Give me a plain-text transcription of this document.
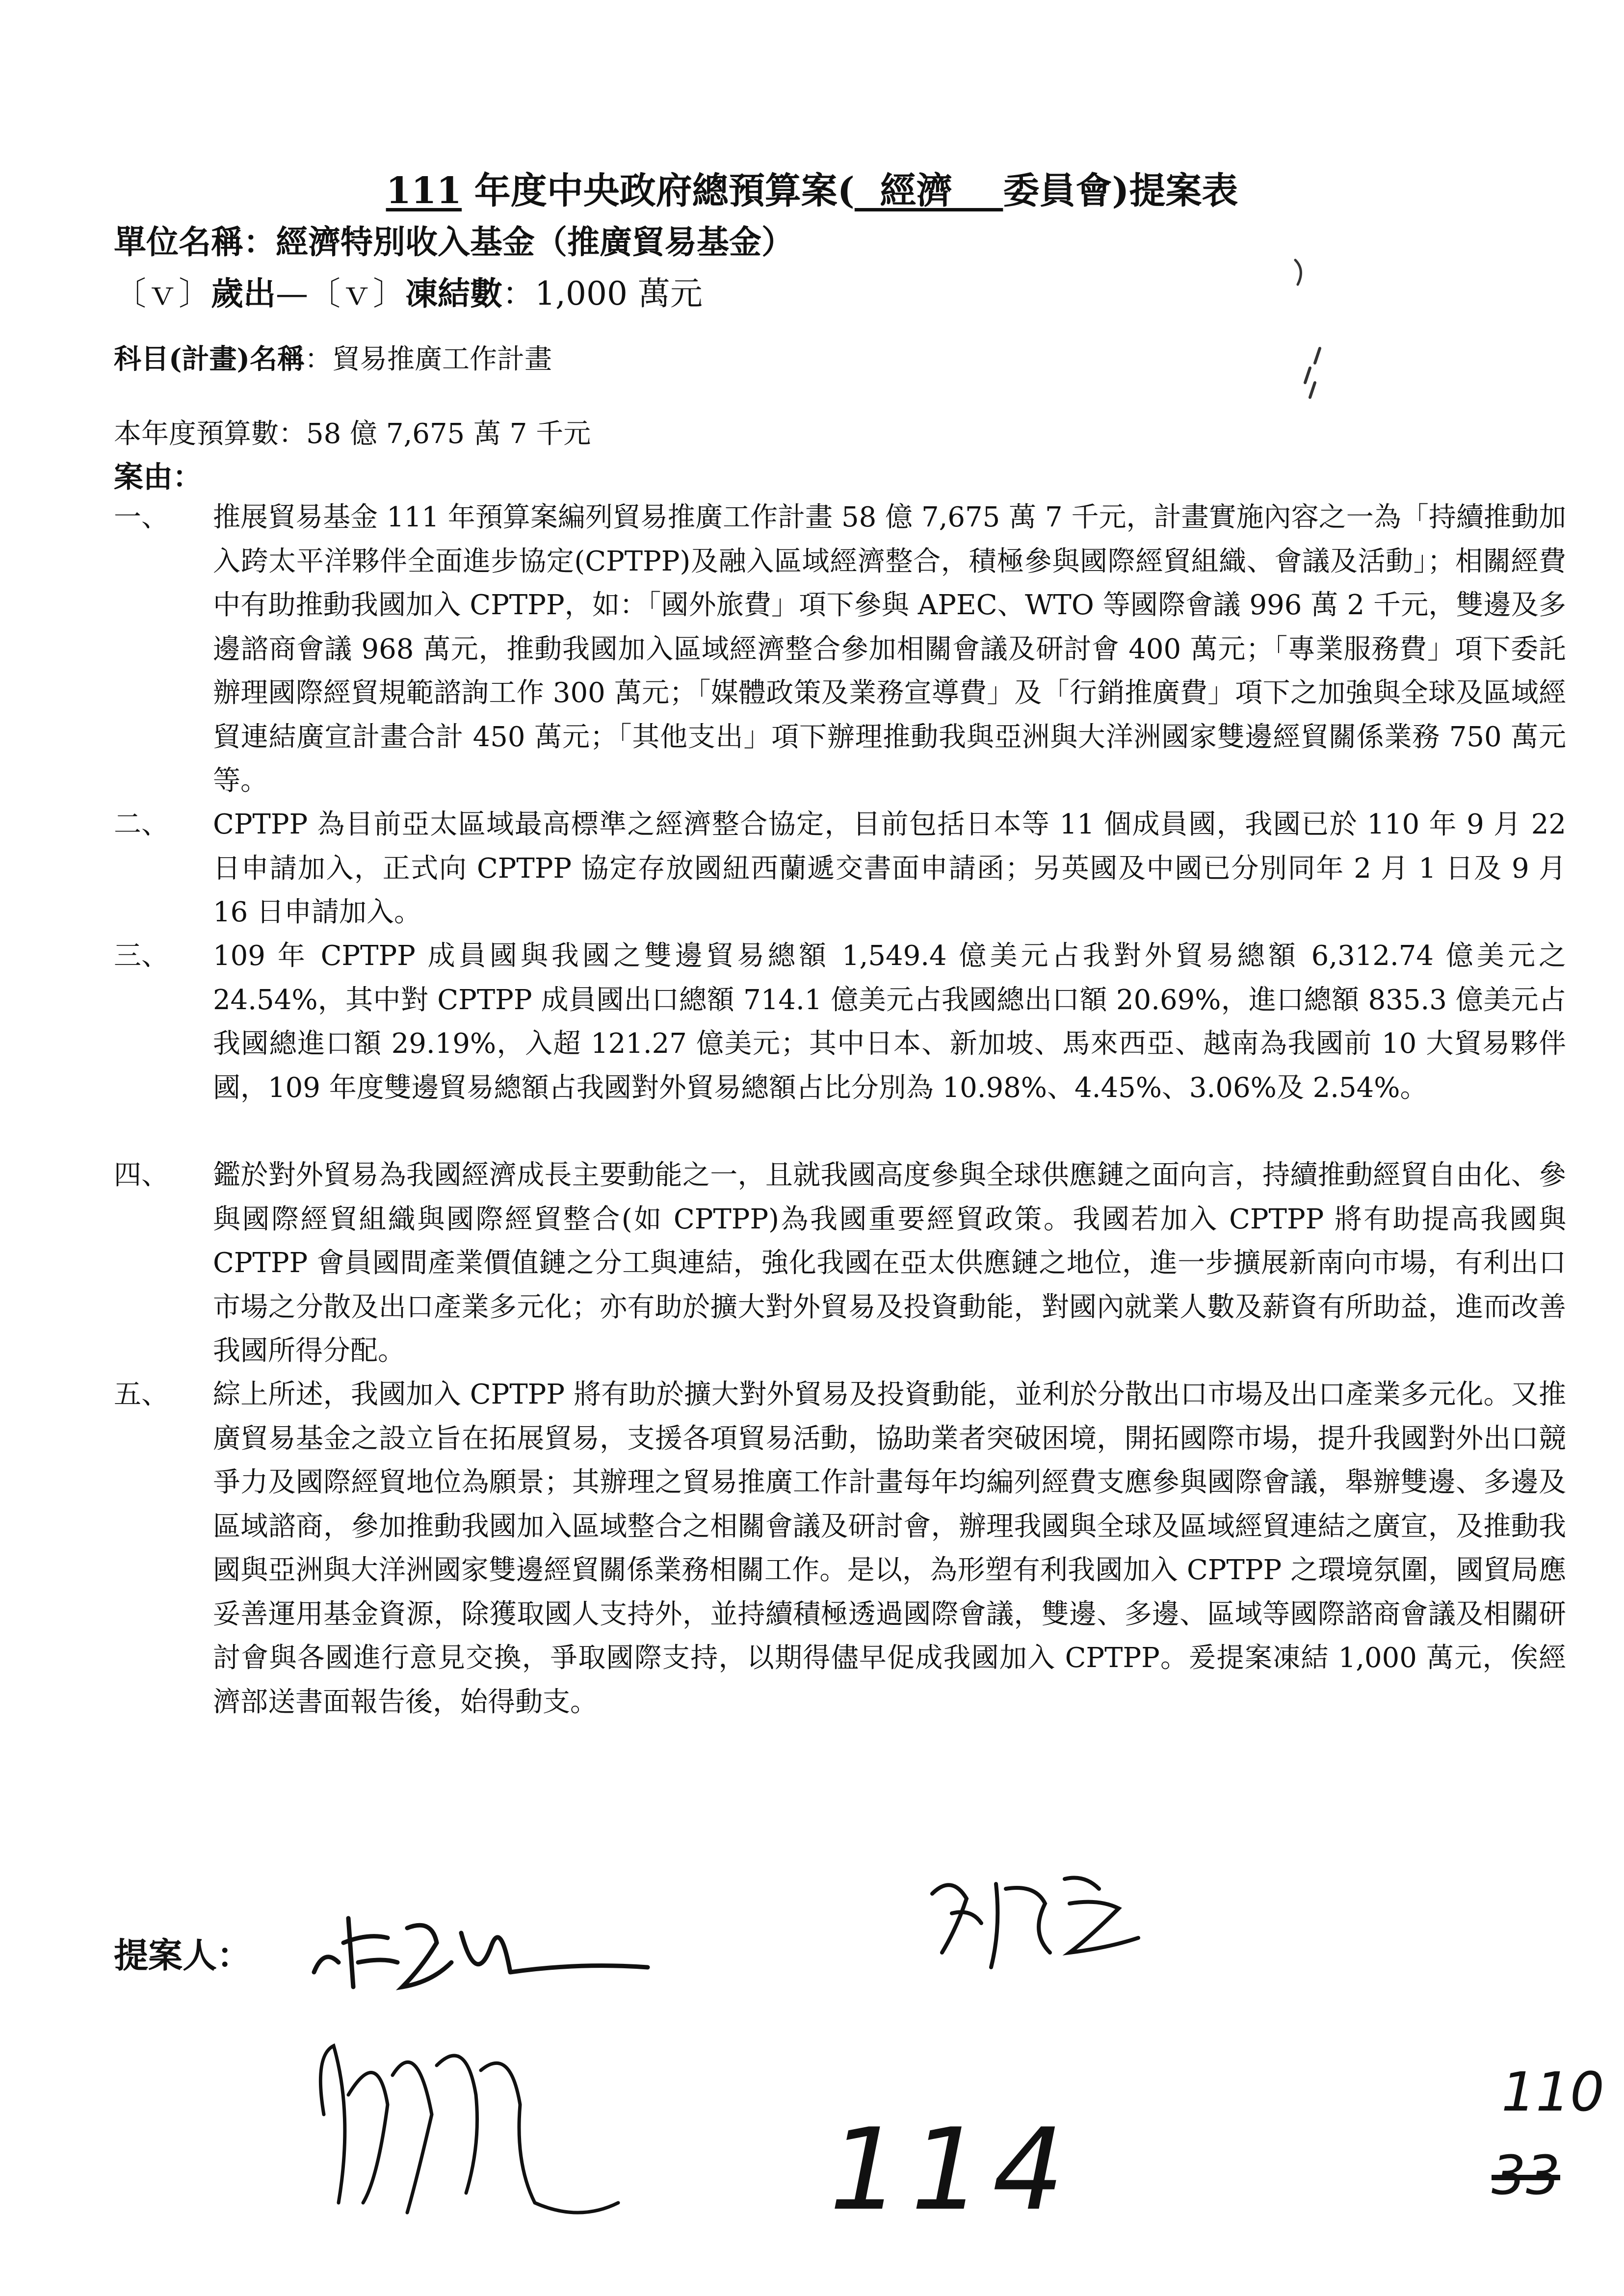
111 年度中央政府總預算案(  經濟    委員會)提案表
單位名稱：經濟特別收入基金（推廣貿易基金）
〔ｖ〕歲出—〔ｖ〕凍結數：1,000 萬元
科目(計畫)名稱：貿易推廣工作計畫
本年度預算數：58 億 7,675 萬 7 千元
案由：
一、	推展貿易基金 111 年預算案編列貿易推廣工作計畫 58 億 7,675 萬 7 千元，計畫實施內容之一為「持續推動加入跨太平洋夥伴全面進步協定(CPTPP)及融入區域經濟整合，積極參與國際經貿組織、會議及活動」；相關經費中有助推動我國加入 CPTPP，如：「國外旅費」項下參與 APEC、WTO 等國際會議 996 萬 2 千元，雙邊及多邊諮商會議 968 萬元，推動我國加入區域經濟整合參加相關會議及研討會 400 萬元；「專業服務費」項下委託辦理國際經貿規範諮詢工作 300 萬元；「媒體政策及業務宣導費」及「行銷推廣費」項下之加強與全球及區域經貿連結廣宣計畫合計 450 萬元；「其他支出」項下辦理推動我與亞洲與大洋洲國家雙邊經貿關係業務 750 萬元等。
二、	CPTPP 為目前亞太區域最高標準之經濟整合協定，目前包括日本等 11 個成員國，我國已於 110 年 9 月 22 日申請加入，正式向 CPTPP 協定存放國紐西蘭遞交書面申請函；另英國及中國已分別同年 2 月 1 日及 9 月 16 日申請加入。
三、	109 年 CPTPP 成員國與我國之雙邊貿易總額 1,549.4 億美元占我對外貿易總額 6,312.74 億美元之 24.54%，其中對 CPTPP 成員國出口總額 714.1 億美元占我國總出口額 20.69%，進口總額 835.3 億美元占我國總進口額 29.19%，入超 121.27 億美元；其中日本、新加坡、馬來西亞、越南為我國前 10 大貿易夥伴國，109 年度雙邊貿易總額占我國對外貿易總額占比分別為 10.98%、4.45%、3.06%及 2.54%。
四、	鑑於對外貿易為我國經濟成長主要動能之一，且就我國高度參與全球供應鏈之面向言，持續推動經貿自由化、參與國際經貿組織與國際經貿整合(如 CPTPP)為我國重要經貿政策。我國若加入 CPTPP 將有助提高我國與 CPTPP 會員國間產業價值鏈之分工與連結，強化我國在亞太供應鏈之地位，進一步擴展新南向市場，有利出口市場之分散及出口產業多元化；亦有助於擴大對外貿易及投資動能，對國內就業人數及薪資有所助益，進而改善我國所得分配。
五、	綜上所述，我國加入 CPTPP 將有助於擴大對外貿易及投資動能，並利於分散出口市場及出口產業多元化。又推廣貿易基金之設立旨在拓展貿易，支援各項貿易活動，協助業者突破困境，開拓國際市場，提升我國對外出口競爭力及國際經貿地位為願景；其辦理之貿易推廣工作計畫每年均編列經費支應參與國際會議，舉辦雙邊、多邊及區域諮商，參加推動我國加入區域整合之相關會議及研討會，辦理我國與全球及區域經貿連結之廣宣，及推動我國與亞洲與大洋洲國家雙邊經貿關係業務相關工作。是以，為形塑有利我國加入 CPTPP 之環境氛圍，國貿局應妥善運用基金資源，除獲取國人支持外，並持續積極透過國際會議，雙邊、多邊、區域等國際諮商會議及相關研討會與各國進行意見交換，爭取國際支持，以期得儘早促成我國加入 CPTPP。爰提案凍結 1,000 萬元，俟經濟部送書面報告後，始得動支。
提案人：
114
110
33
